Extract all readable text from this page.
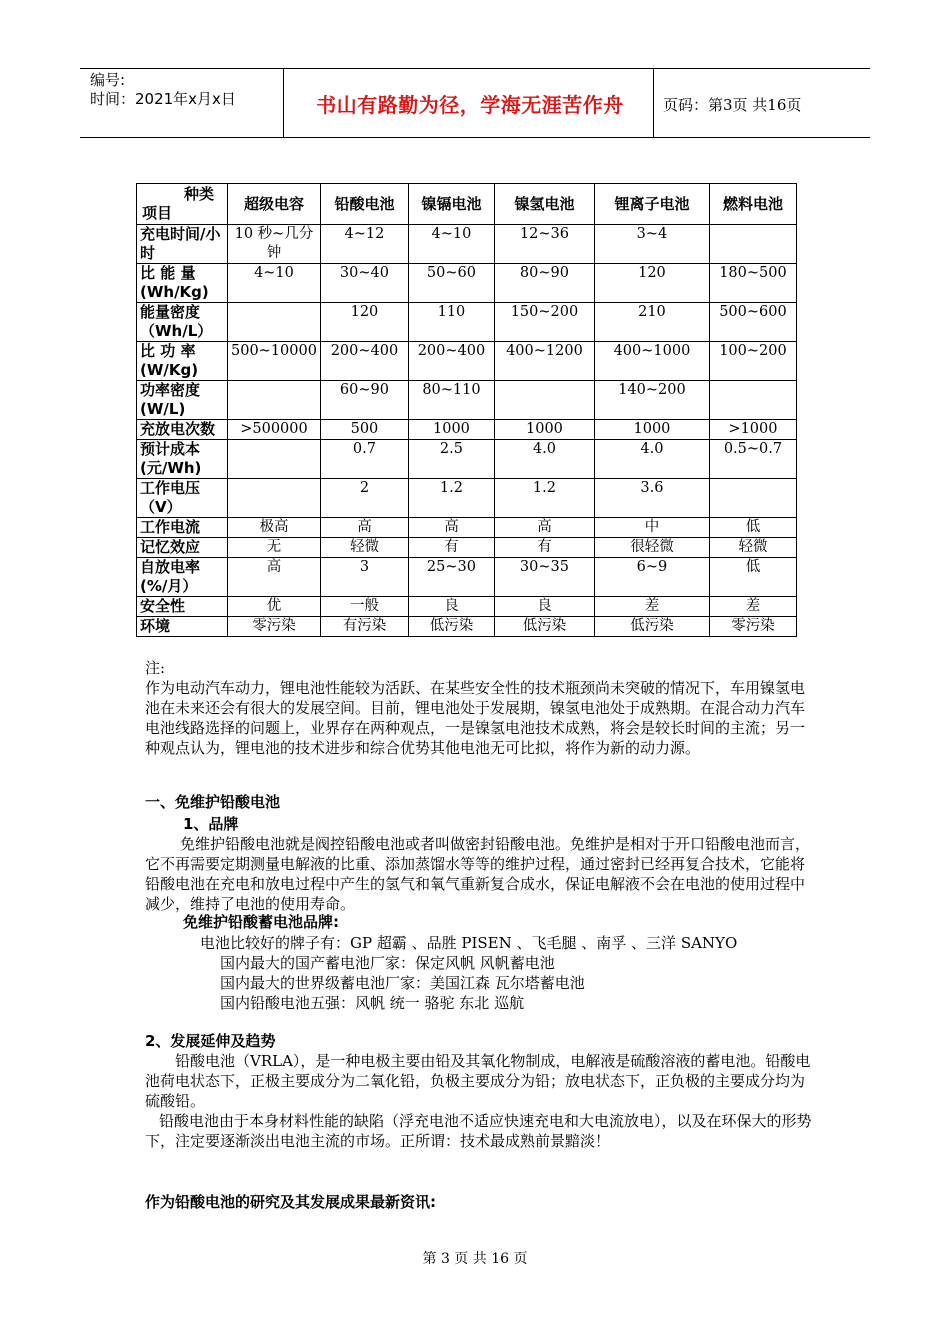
编号:
时间：2021年x月x日	书山有路勤为径，学海无涯苦作舟	页码：第3页 共16页
种类
项目	超级电容	铅酸电池	镍镉电池	镍氢电池	锂离子电池	燃料电池
充电时间/小时	10 秒~几分钟	4~12	4~10	12~36	3~4	
比 能 量 (Wh/Kg)	4~10	30~40	50~60	80~90	120	180~500
能量密度（Wh/L）		120	110	150~200	210	500~600
比 功 率 (W/Kg)	500~10000	200~400	200~400	400~1200	400~1000	100~200
功率密度 (W/L)		60~90	80~110		140~200	
充放电次数	>500000	500	1000	1000	1000	>1000
预计成本 (元/Wh)		0.7	2.5	4.0	4.0	0.5~0.7
工作电压 （V）		2	1.2	1.2	3.6	
工作电流	极高	高	高	高	中	低
记忆效应	无	轻微	有	有	很轻微	轻微
自放电率 (%/月）	高	3	25~30	30~35	6~9	低
安全性	优	一般	良	良	差	差
环境	零污染	有污染	低污染	低污染	低污染	零污染
注:
作为电动汽车动力，锂电池性能较为活跃、在某些安全性的技术瓶颈尚未突破的情况下，车用镍氢电池在未来还会有很大的发展空间。目前，锂电池处于发展期，镍氢电池处于成熟期。在混合动力汽车电池线路选择的问题上，业界存在两种观点，一是镍氢电池技术成熟，将会是较长时间的主流；另一种观点认为，锂电池的技术进步和综合优势其他电池无可比拟，将作为新的动力源。
一、免维护铅酸电池
1、品牌
免维护铅酸电池就是阀控铅酸电池或者叫做密封铅酸电池。免维护是相对于开口铅酸电池而言，它不再需要定期测量电解液的比重、添加蒸馏水等等的维护过程，通过密封已经再复合技术，它能将铅酸电池在充电和放电过程中产生的氢气和氧气重新复合成水，保证电解液不会在电池的使用过程中减少，维持了电池的使用寿命。
免维护铅酸蓄电池品牌:
电池比较好的牌子有：GP 超霸 、品胜 PISEN 、飞毛腿 、南孚 、三洋 SANYO
国内最大的国产蓄电池厂家：保定风帆 风帆蓄电池
国内最大的世界级蓄电池厂家：美国江森 瓦尔塔蓄电池
国内铅酸电池五强：风帆 统一 骆驼 东北 巡航
2、发展延伸及趋势
铅酸电池（VRLA），是一种电极主要由铅及其氧化物制成，电解液是硫酸溶液的蓄电池。铅酸电池荷电状态下，正极主要成分为二氧化铅，负极主要成分为铅；放电状态下，正负极的主要成分均为硫酸铅。
铅酸电池由于本身材料性能的缺陷（浮充电池不适应快速充电和大电流放电），以及在环保大的形势下，注定要逐渐淡出电池主流的市场。正所谓：技术最成熟前景黯淡！
作为铅酸电池的研究及其发展成果最新资讯:
第 3 页 共 16 页
